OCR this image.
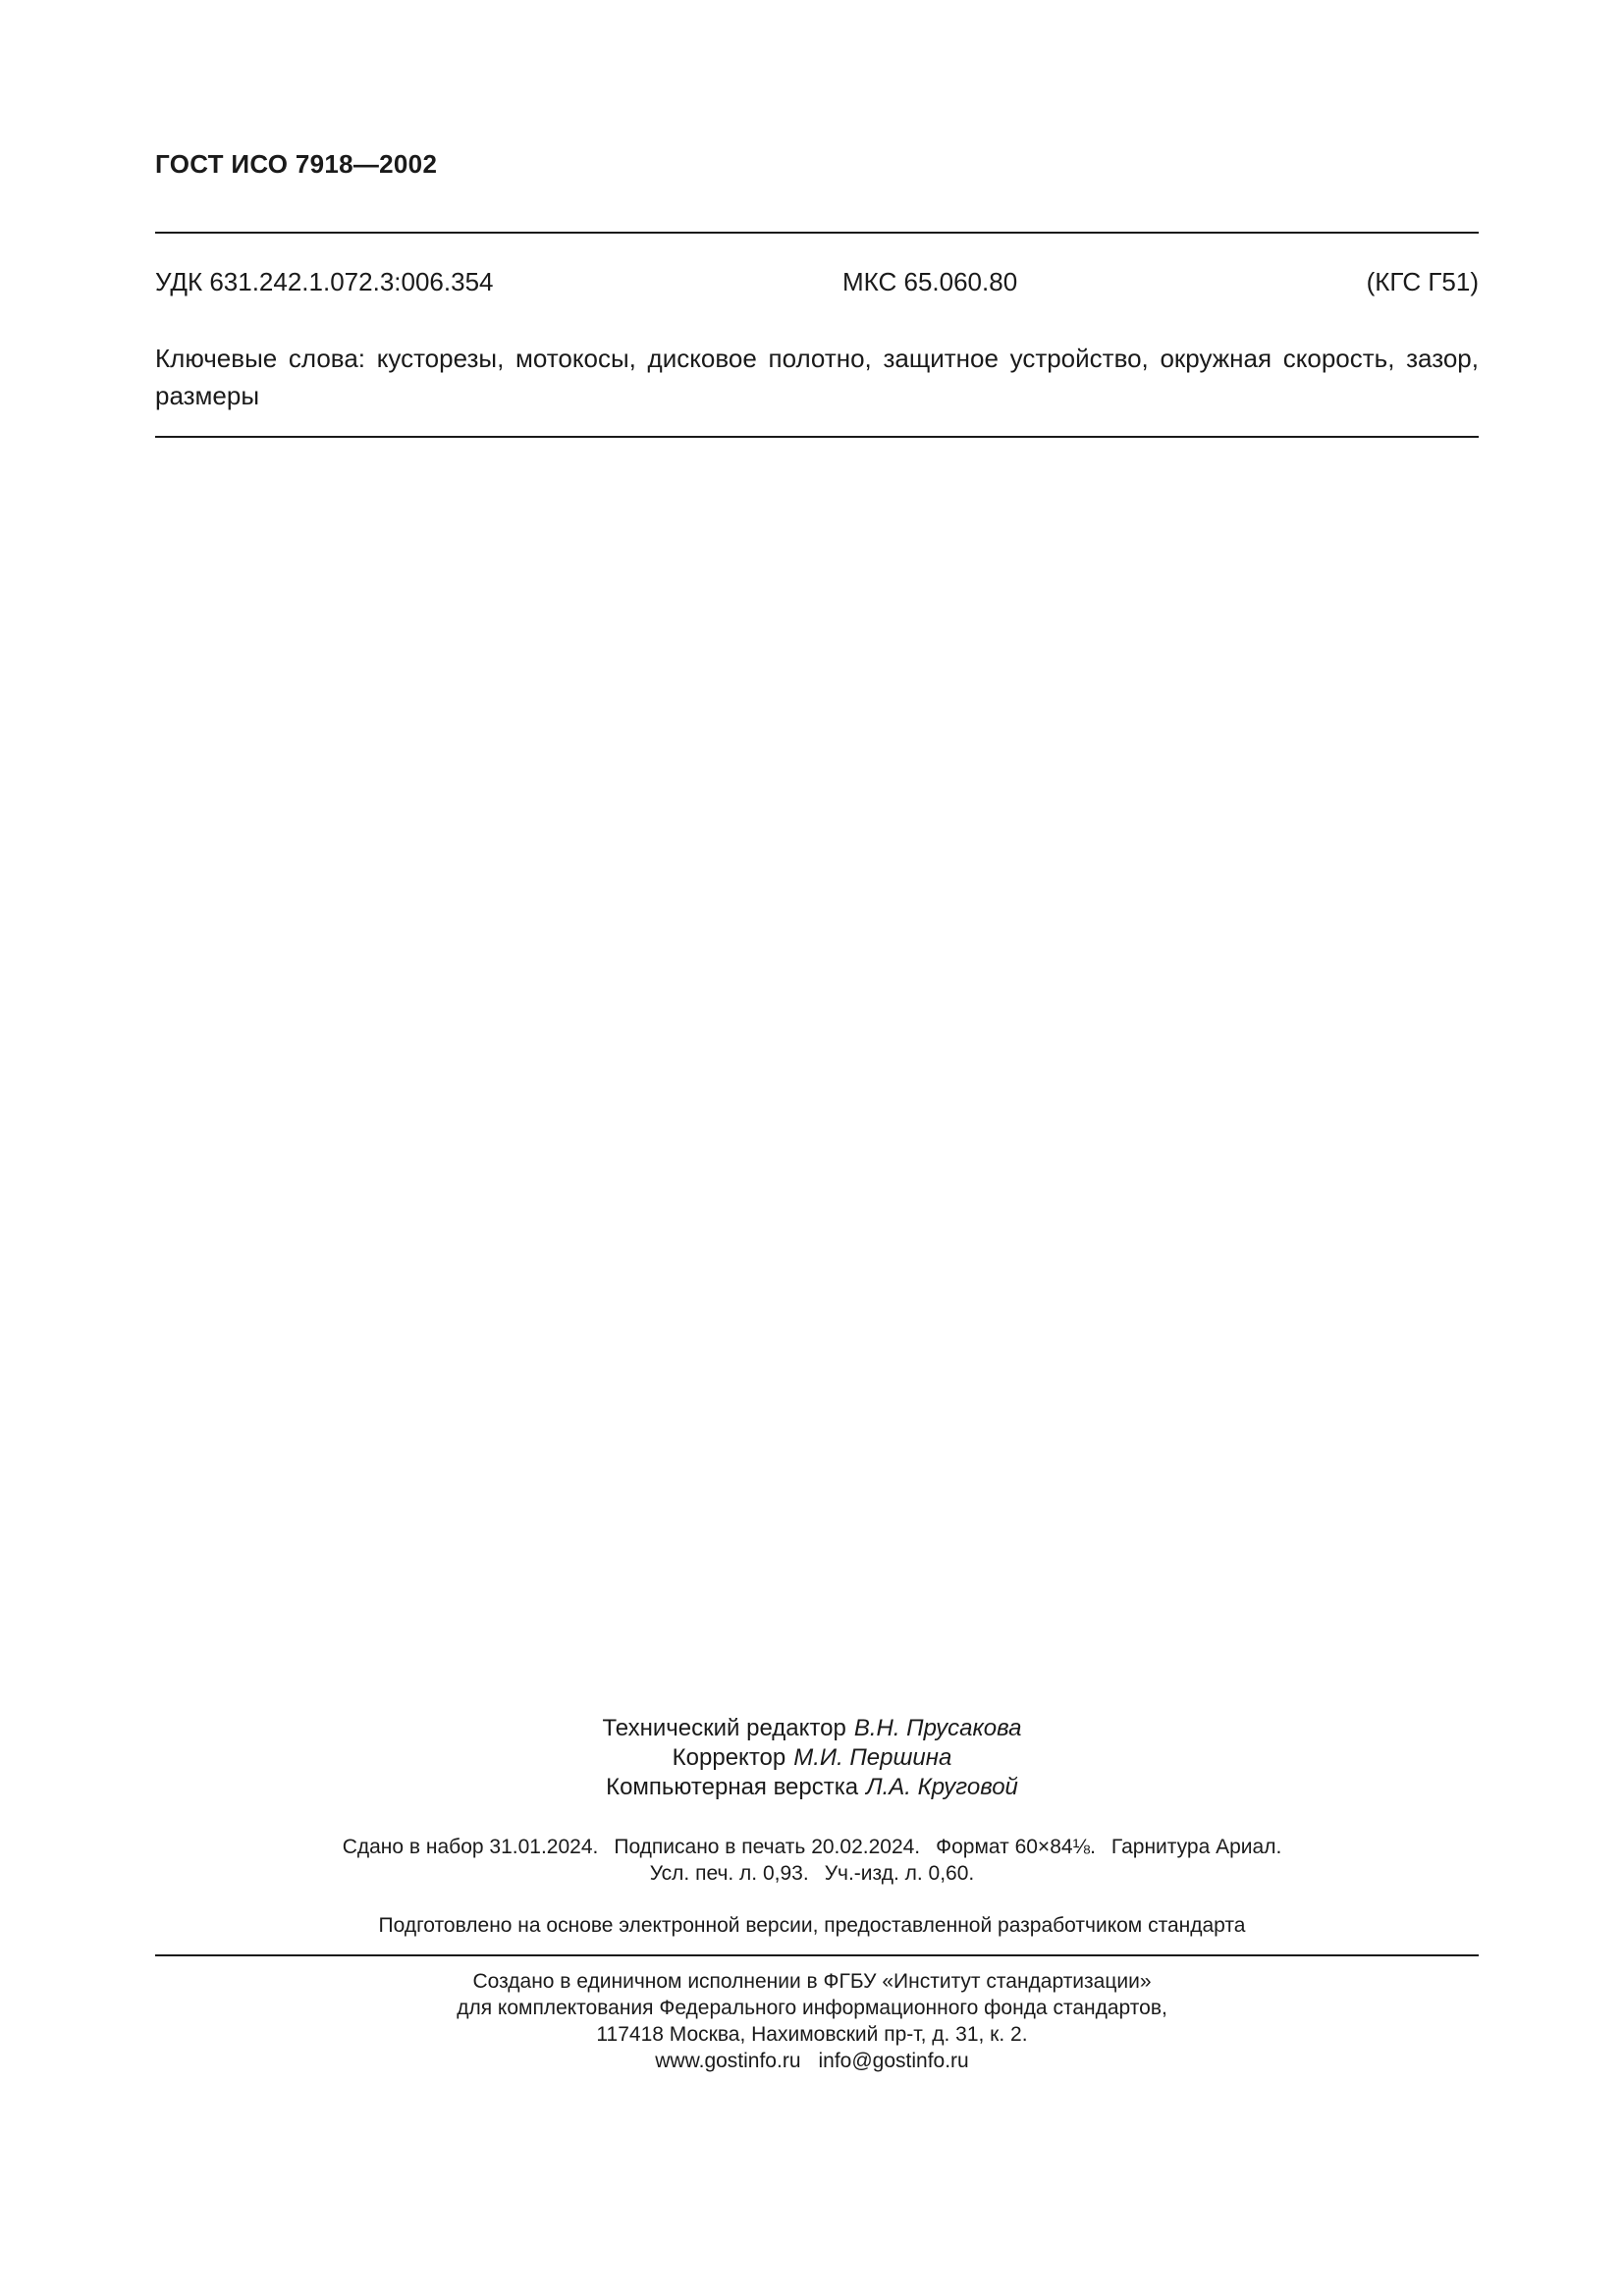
ГОСТ ИСО 7918—2002
УДК 631.242.1.072.3:006.354	МКС 65.060.80	(КГС Г51)
Ключевые слова: кусторезы, мотокосы, дисковое полотно, защитное устройство, окружная скорость, зазор, размеры
Технический редактор В.Н. Прусакова
Корректор М.И. Першина
Компьютерная верстка Л.А. Круговой
Сдано в набор 31.01.2024. Подписано в печать 20.02.2024. Формат 60×84⅛. Гарнитура Ариал.
Усл. печ. л. 0,93. Уч.-изд. л. 0,60.
Подготовлено на основе электронной версии, предоставленной разработчиком стандарта
Создано в единичном исполнении в ФГБУ «Институт стандартизации»
для комплектования Федерального информационного фонда стандартов,
117418 Москва, Нахимовский пр-т, д. 31, к. 2.
www.gostinfo.ru info@gostinfo.ru
